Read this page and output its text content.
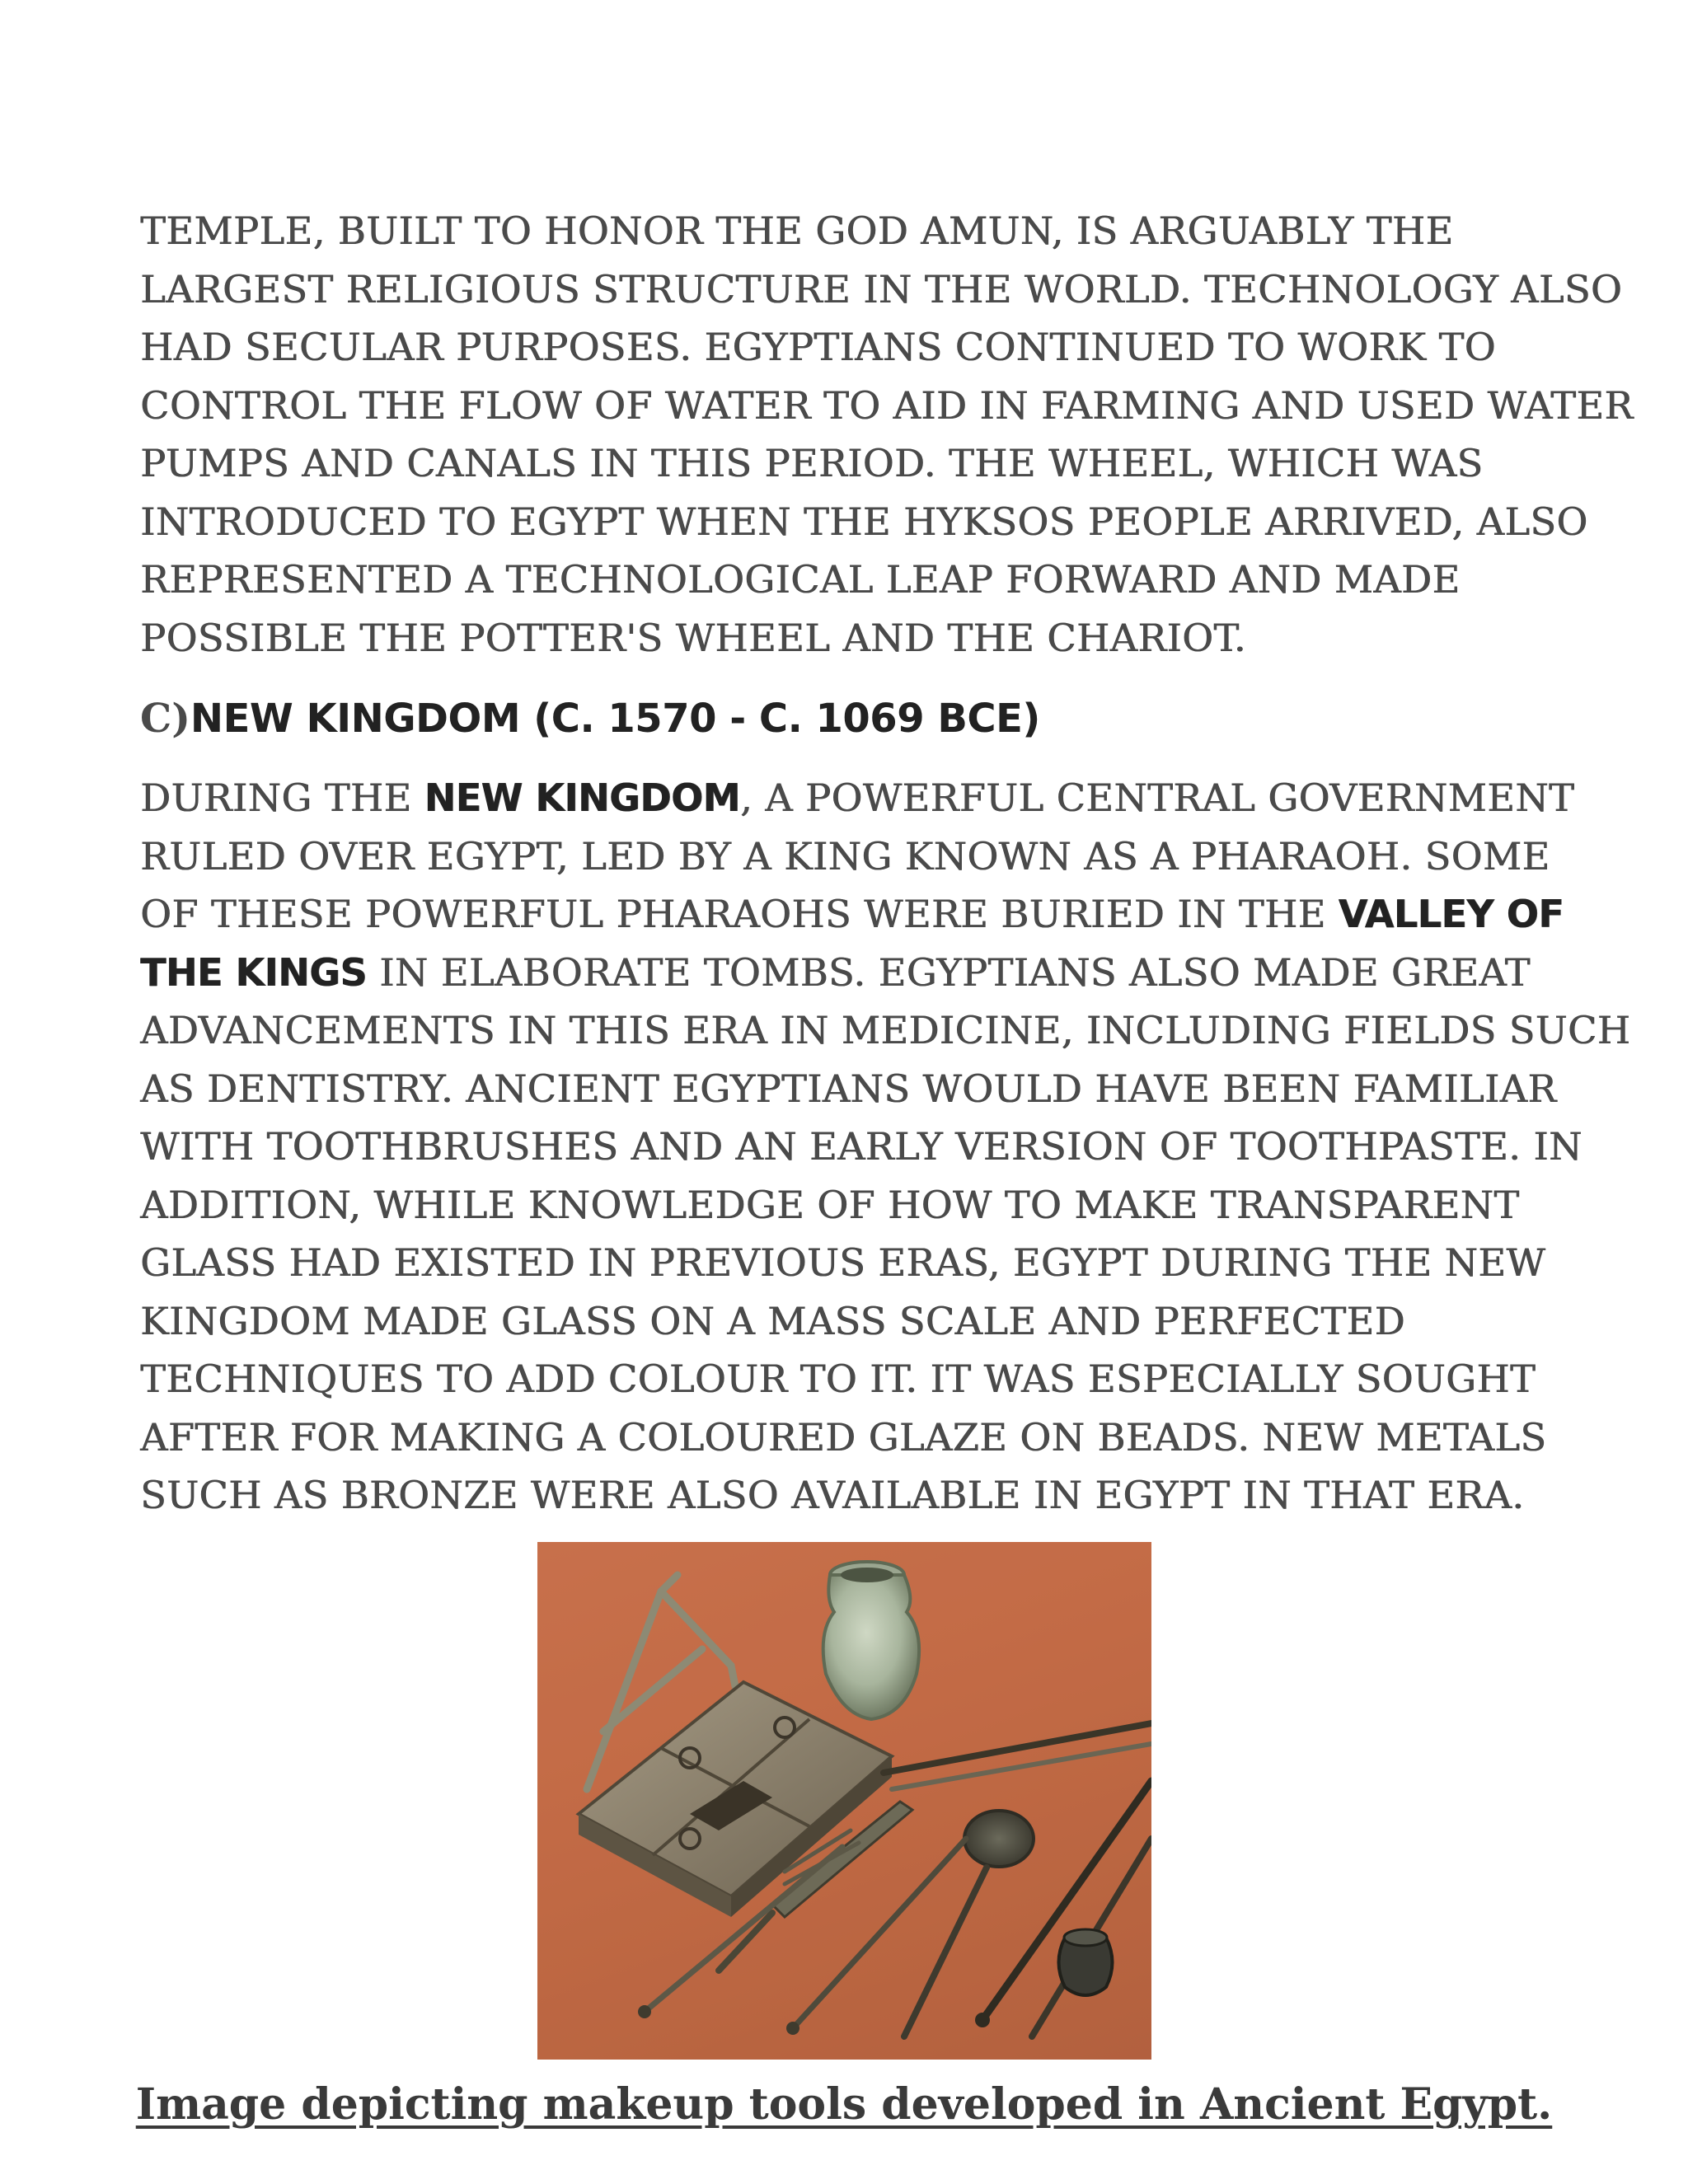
TEMPLE, BUILT TO HONOR THE GOD AMUN, IS ARGUABLY THE
LARGEST RELIGIOUS STRUCTURE IN THE WORLD. TECHNOLOGY ALSO
HAD SECULAR PURPOSES. EGYPTIANS CONTINUED TO WORK TO
CONTROL THE FLOW OF WATER TO AID IN FARMING AND USED WATER
PUMPS AND CANALS IN THIS PERIOD. THE WHEEL, WHICH WAS
INTRODUCED TO EGYPT WHEN THE HYKSOS PEOPLE ARRIVED, ALSO
REPRESENTED A TECHNOLOGICAL LEAP FORWARD AND MADE
POSSIBLE THE POTTER'S WHEEL AND THE CHARIOT.

C)NEW KINGDOM (C. 1570 - C. 1069 BCE)

DURING THE NEW KINGDOM, A POWERFUL CENTRAL GOVERNMENT
RULED OVER EGYPT, LED BY A KING KNOWN AS A PHARAOH. SOME
OF THESE POWERFUL PHARAOHS WERE BURIED IN THE VALLEY OF
THE KINGS IN ELABORATE TOMBS. EGYPTIANS ALSO MADE GREAT
ADVANCEMENTS IN THIS ERA IN MEDICINE, INCLUDING FIELDS SUCH
AS DENTISTRY. ANCIENT EGYPTIANS WOULD HAVE BEEN FAMILIAR
WITH TOOTHBRUSHES AND AN EARLY VERSION OF TOOTHPASTE. IN
ADDITION, WHILE KNOWLEDGE OF HOW TO MAKE TRANSPARENT
GLASS HAD EXISTED IN PREVIOUS ERAS, EGYPT DURING THE NEW
KINGDOM MADE GLASS ON A MASS SCALE AND PERFECTED
TECHNIQUES TO ADD COLOUR TO IT. IT WAS ESPECIALLY SOUGHT
AFTER FOR MAKING A COLOURED GLAZE ON BEADS. NEW METALS
SUCH AS BRONZE WERE ALSO AVAILABLE IN EGYPT IN THAT ERA.

Image depicting makeup tools developed in Ancient Egypt.
